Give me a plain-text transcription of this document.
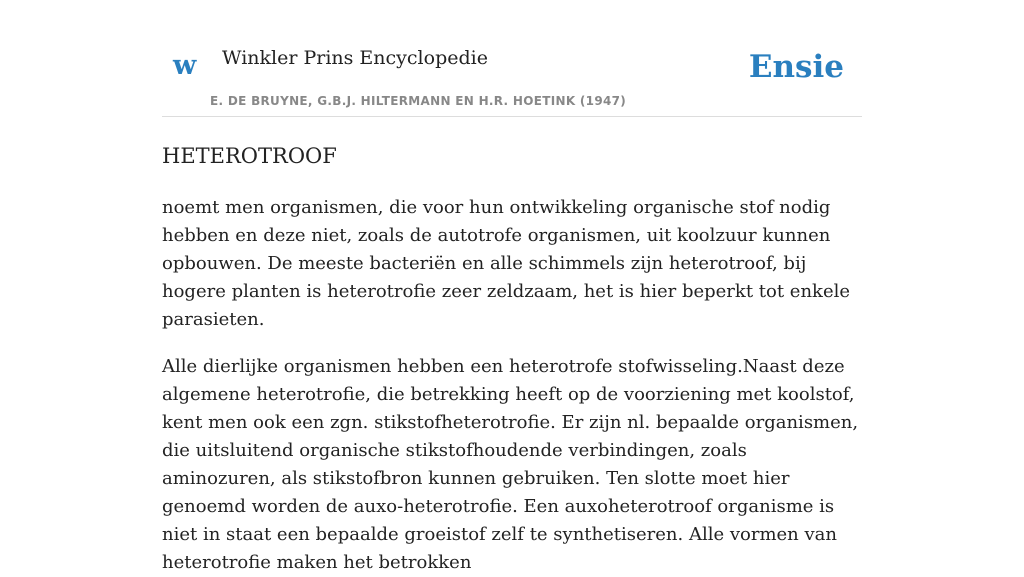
w Winkler Prins Encyclopedie
E. DE BRUYNE, G.B.J. HILTERMANN EN H.R. HOETINK (1947)
Ensie
HETEROTROOF

noemt men organismen, die voor hun ontwikkeling organische stof nodig hebben en deze niet, zoals de autotrofe organismen, uit koolzuur kunnen opbouwen. De meeste bacteriën en alle schimmels zijn heterotroof, bij hogere planten is heterotrofie zeer zeldzaam, het is hier beperkt tot enkele parasieten.

Alle dierlijke organismen hebben een heterotrofe stofwisseling.Naast deze algemene heterotrofie, die betrekking heeft op de voorziening met koolstof, kent men ook een zgn. stikstofheterotrofie. Er zijn nl. bepaalde organismen, die uitsluitend organische stikstofhoudende verbindingen, zoals aminozuren, als stikstofbron kunnen gebruiken. Ten slotte moet hier genoemd worden de auxo-heterotrofie. Een auxoheterotroof organisme is niet in staat een bepaalde groeistof zelf te synthetiseren. Alle vormen van heterotrofie maken het betrokken
